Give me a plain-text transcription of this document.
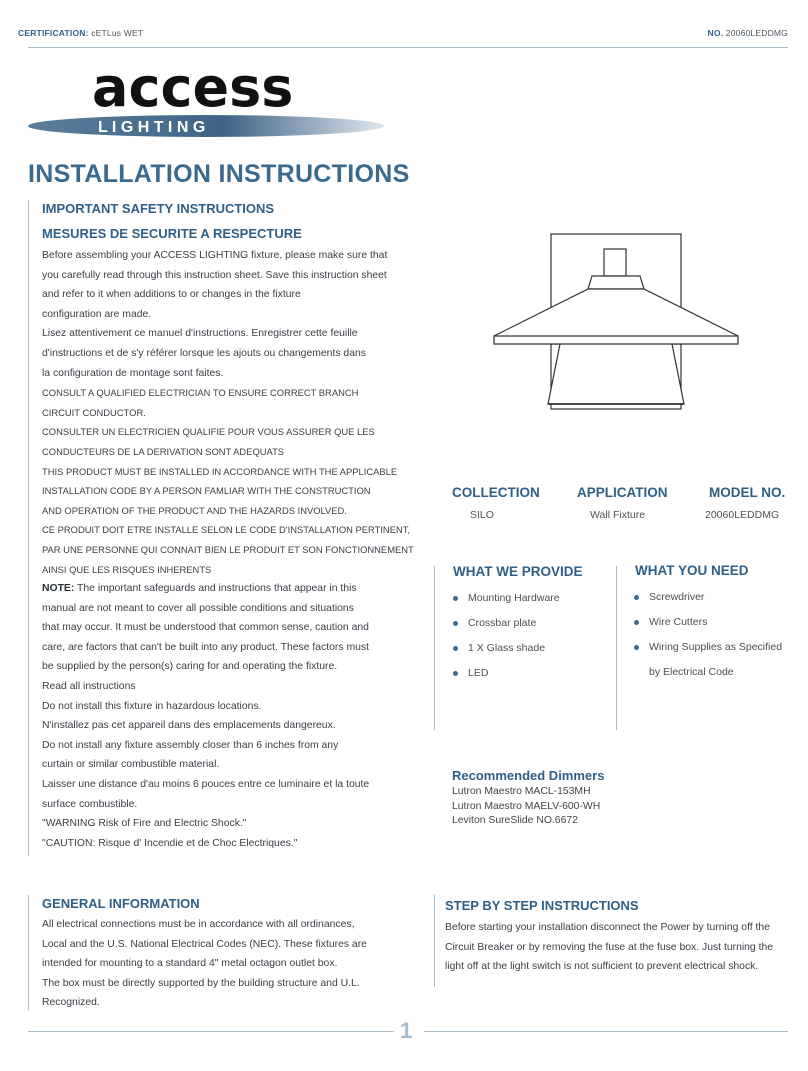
CERTIFICATION: cETLus WET	NO. 20060LEDDMG
access
L I G H T I N G
INSTALLATION INSTRUCTIONS
IMPORTANT SAFETY INSTRUCTIONS
MESURES DE SECURITE A RESPECTURE

Before assembling your ACCESS LIGHTING fixture, please make sure that

you carefully read through this instruction sheet. Save this instruction sheet

and refer to it when additions to or changes in the fixture

configuration are made.

Lisez attentivement ce manuel d'instructions. Enregistrer cette feuille

d'instructions et de s'y référer lorsque les ajouts ou changements dans

la configuration de montage sont faites.

CONSULT A QUALIFIED ELECTRICIAN TO ENSURE CORRECT BRANCH

CIRCUIT CONDUCTOR.

CONSULTER UN ELECTRICIEN QUALIFIE POUR VOUS ASSURER QUE LES

CONDUCTEURS DE LA DERIVATION SONT ADEQUATS

THIS PRODUCT MUST BE INSTALLED IN ACCORDANCE WITH THE APPLICABLE

INSTALLATION CODE BY A PERSON FAMLIAR WITH THE CONSTRUCTION

AND OPERATION OF THE PRODUCT AND THE HAZARDS INVOLVED.

CE PRODUIT DOIT ETRE INSTALLE SELON LE CODE D'INSTALLATION PERTINENT,

PAR UNE PERSONNE QUI CONNAIT BIEN LE PRODUIT ET SON FONCTIONNEMENT

AINSI QUE LES RISQUES INHERENTS

NOTE: The important safeguards and instructions that appear in this

manual are not meant to cover all possible conditions and situations

that may occur. It must be understood that common sense, caution and

care, are factors that can't be built into any product. These factors must

be supplied by the person(s) caring for and operating the fixture.

Read all instructions

Do not install this fixture in hazardous locations.

N'installez pas cet appareil dans des emplacements dangereux.

Do not install any fixture assembly closer than 6 inches from any

curtain or similar combustible material.

Laisser une distance d'au moins 6 pouces entre ce luminaire et la toute

surface combustible.

"WARNING Risk of Fire and Electric Shock."

"CAUTION: Risque d' Incendie et de Choc Electriques."

COLLECTION
SILO
APPLICATION
Wall Fixture
MODEL NO.
20060LEDDMG
WHAT WE PROVIDE
Mounting Hardware
Crossbar plate
1 X Glass shade
LED
WHAT YOU NEED
Screwdriver
Wire Cutters
Wiring Supplies as Specified
by Electrical Code
Recommended Dimmers
Lutron Maestro MACL-153MH
Lutron Maestro MAELV-600-WH
Leviton SureSlide NO.6672
GENERAL INFORMATION

All electrical connections must be in accordance with all ordinances,

Local and the U.S. National Electrical Codes (NEC). These fixtures are

intended for mounting to a standard 4" metal octagon outlet box.

The box must be directly supported by the building structure and U.L.

Recognized.

STEP BY STEP INSTRUCTIONS

Before starting your installation disconnect the Power by turning off the

Circuit Breaker or by removing the fuse at the fuse box. Just turning the

light off at the light switch is not sufficient to prevent electrical shock.

1
